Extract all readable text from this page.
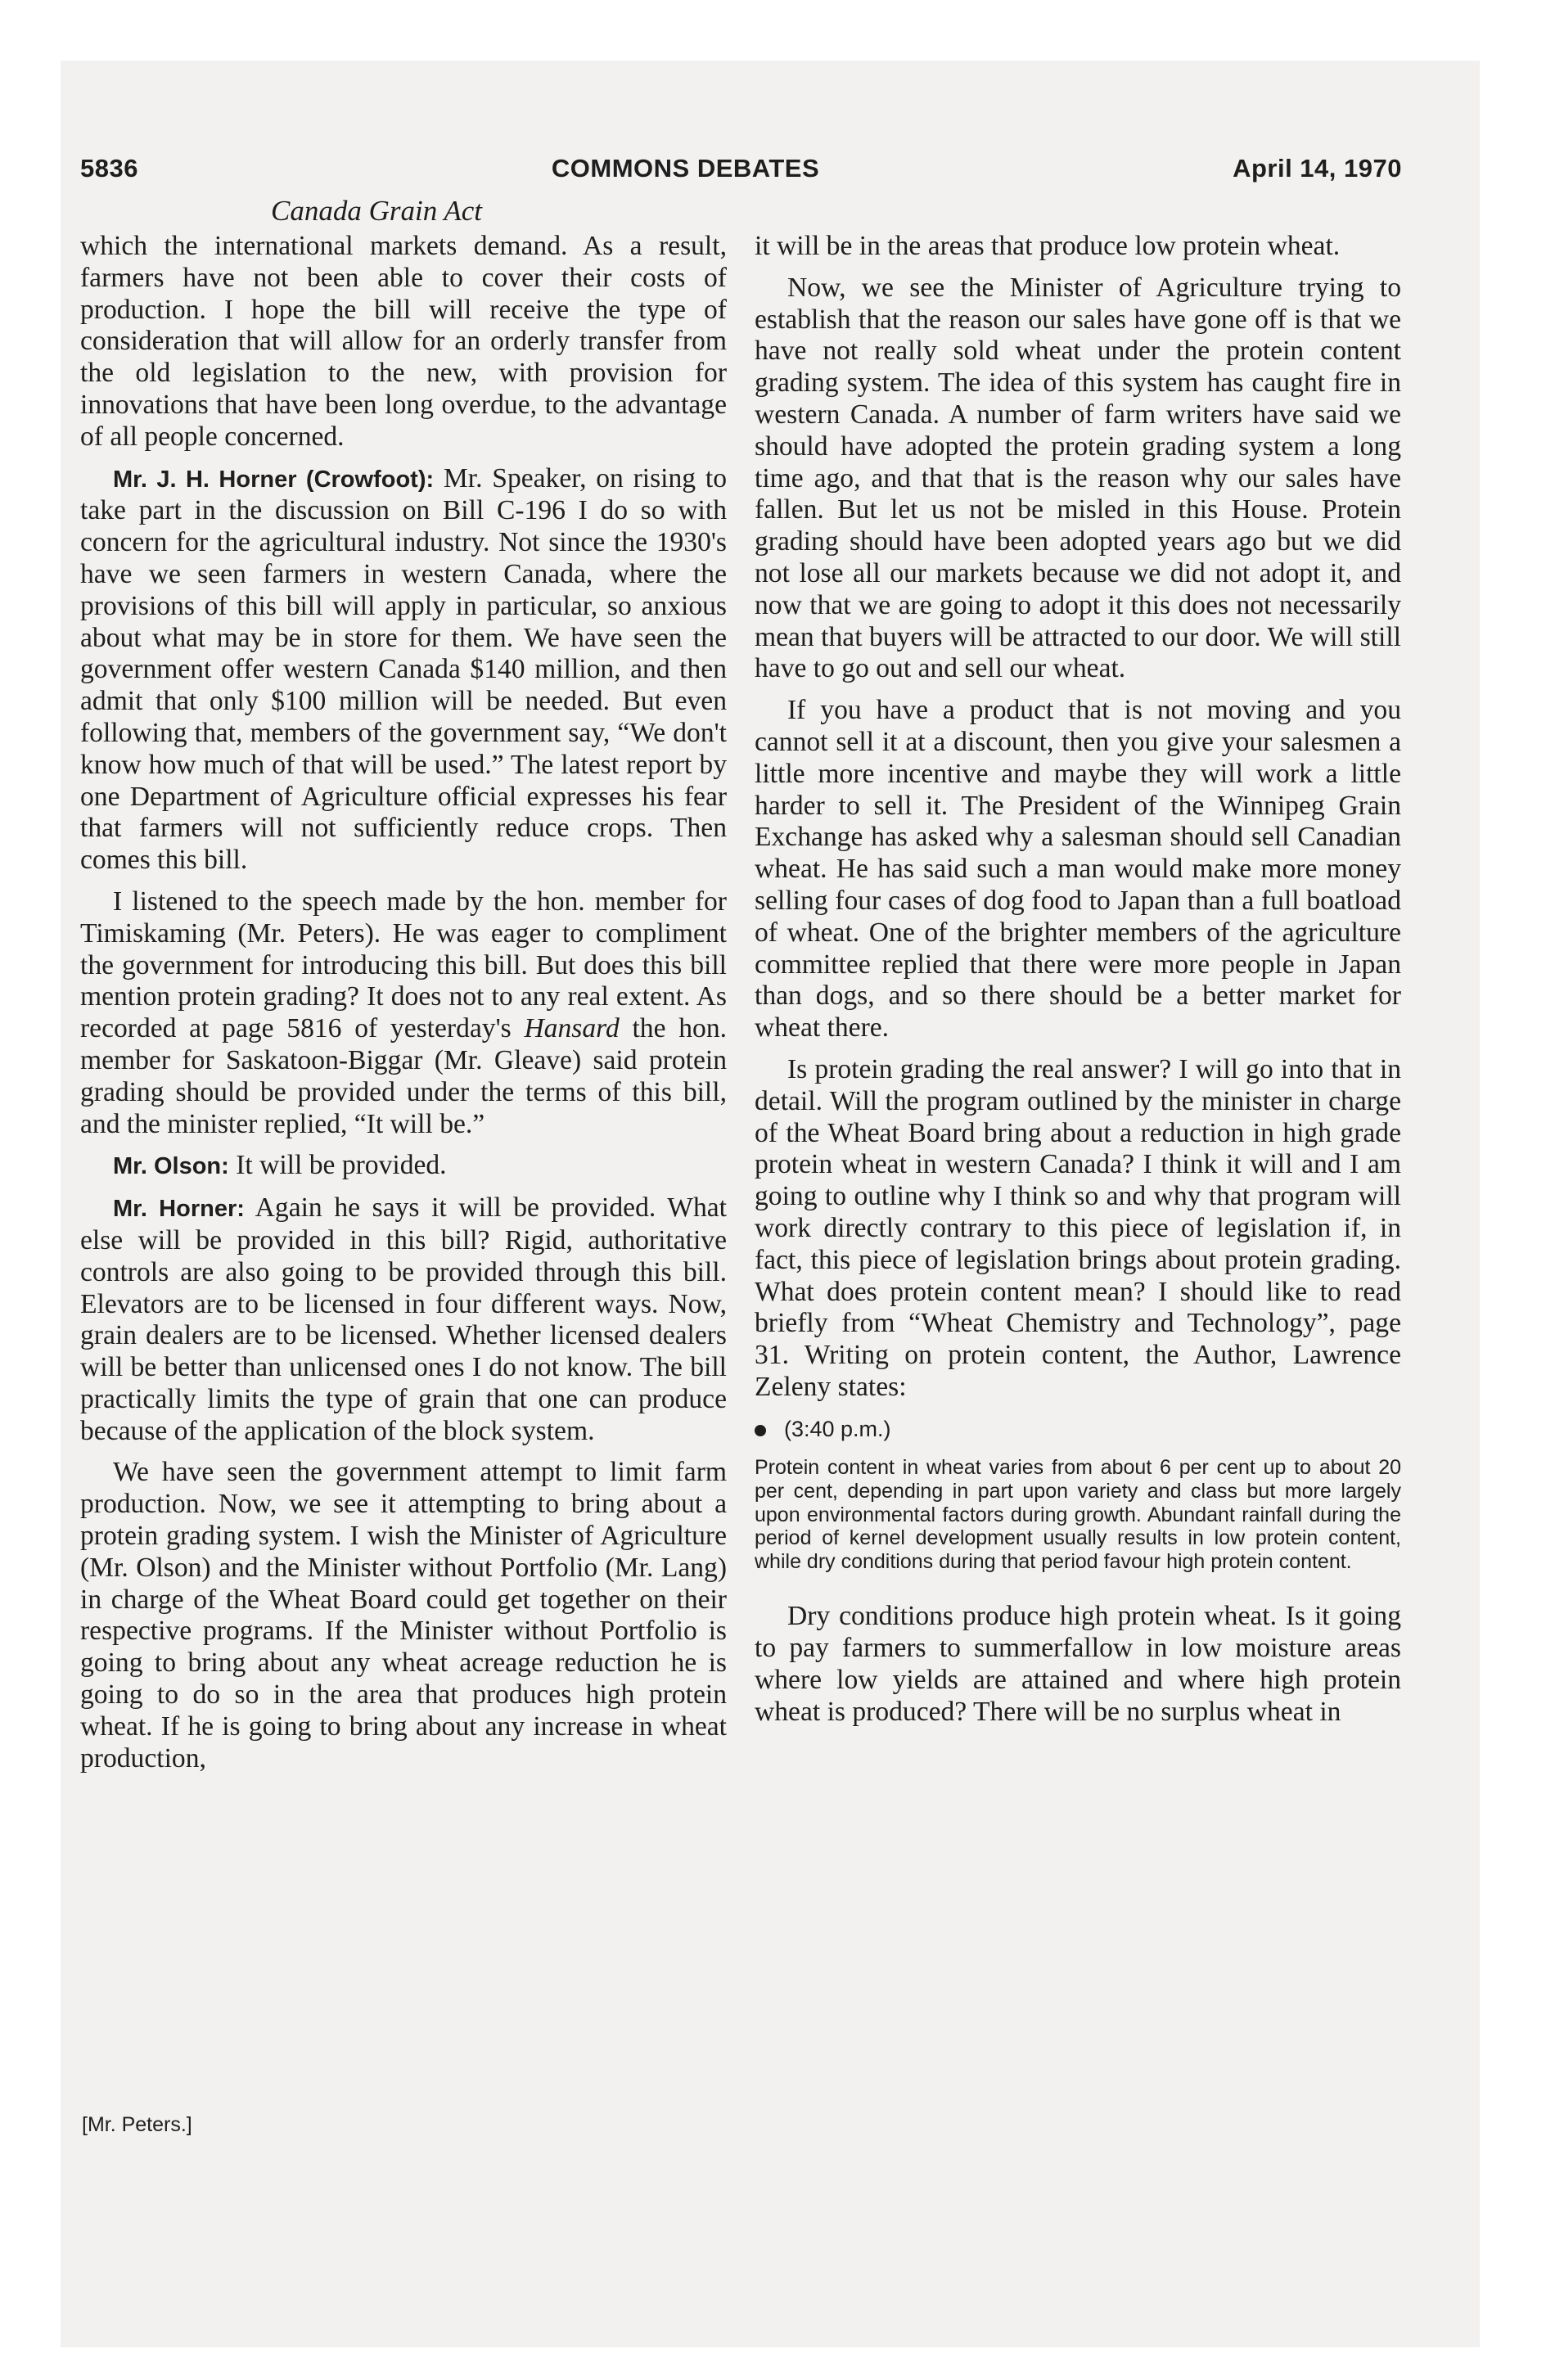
5836	COMMONS DEBATES	April 14, 1970
Canada Grain Act

which the international markets demand. As a result, farmers have not been able to cover their costs of production. I hope the bill will receive the type of consideration that will allow for an orderly transfer from the old legislation to the new, with provision for innovations that have been long overdue, to the advantage of all people concerned.

Mr. J. H. Horner (Crowfoot): Mr. Speaker, on rising to take part in the discussion on Bill C-196 I do so with concern for the agricultural industry. Not since the 1930's have we seen farmers in western Canada, where the provisions of this bill will apply in particular, so anxious about what may be in store for them. We have seen the government offer western Canada $140 million, and then admit that only $100 million will be needed. But even following that, members of the government say, “We don't know how much of that will be used.” The latest report by one Department of Agriculture official expresses his fear that farmers will not sufficiently reduce crops. Then comes this bill.

I listened to the speech made by the hon. member for Timiskaming (Mr. Peters). He was eager to compliment the government for introducing this bill. But does this bill mention protein grading? It does not to any real extent. As recorded at page 5816 of yesterday's Hansard the hon. member for Saskatoon-Biggar (Mr. Gleave) said protein grading should be provided under the terms of this bill, and the minister replied, “It will be.”

Mr. Olson: It will be provided.

Mr. Horner: Again he says it will be provided. What else will be provided in this bill? Rigid, authoritative controls are also going to be provided through this bill. Elevators are to be licensed in four different ways. Now, grain dealers are to be licensed. Whether licensed dealers will be better than unlicensed ones I do not know. The bill practically limits the type of grain that one can produce because of the application of the block system.

We have seen the government attempt to limit farm production. Now, we see it attempting to bring about a protein grading system. I wish the Minister of Agriculture (Mr. Olson) and the Minister without Portfolio (Mr. Lang) in charge of the Wheat Board could get together on their respective programs. If the Minister without Portfolio is going to bring about any wheat acreage reduction he is going to do so in the area that produces high protein wheat. If he is going to bring about any increase in wheat production,

it will be in the areas that produce low protein wheat.

Now, we see the Minister of Agriculture trying to establish that the reason our sales have gone off is that we have not really sold wheat under the protein content grading system. The idea of this system has caught fire in western Canada. A number of farm writers have said we should have adopted the protein grading system a long time ago, and that that is the reason why our sales have fallen. But let us not be misled in this House. Protein grading should have been adopted years ago but we did not lose all our markets because we did not adopt it, and now that we are going to adopt it this does not necessarily mean that buyers will be attracted to our door. We will still have to go out and sell our wheat.

If you have a product that is not moving and you cannot sell it at a discount, then you give your salesmen a little more incentive and maybe they will work a little harder to sell it. The President of the Winnipeg Grain Exchange has asked why a salesman should sell Canadian wheat. He has said such a man would make more money selling four cases of dog food to Japan than a full boatload of wheat. One of the brighter members of the agriculture committee replied that there were more people in Japan than dogs, and so there should be a better market for wheat there.

Is protein grading the real answer? I will go into that in detail. Will the program outlined by the minister in charge of the Wheat Board bring about a reduction in high grade protein wheat in western Canada? I think it will and I am going to outline why I think so and why that program will work directly contrary to this piece of legislation if, in fact, this piece of legislation brings about protein grading. What does protein content mean? I should like to read briefly from “Wheat Chemistry and Technology”, page 31. Writing on protein content, the Author, Lawrence Zeleny states:

(3:40 p.m.)
Protein content in wheat varies from about 6 per cent up to about 20 per cent, depending in part upon variety and class but more largely upon environmental factors during growth. Abundant rainfall during the period of kernel development usually results in low protein content, while dry conditions during that period favour high protein content.

Dry conditions produce high protein wheat. Is it going to pay farmers to summerfallow in low moisture areas where low yields are attained and where high protein wheat is produced? There will be no surplus wheat in

[Mr. Peters.]
